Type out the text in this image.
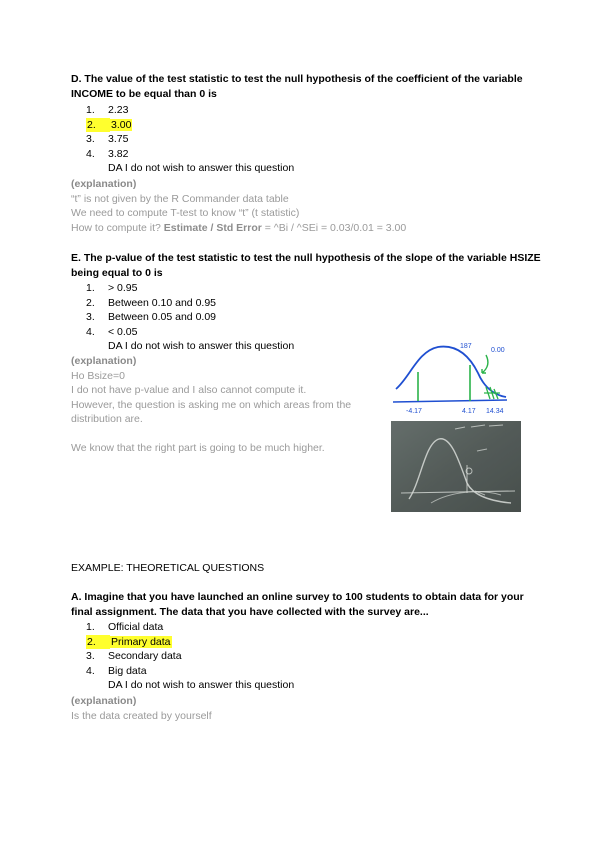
D. The value of the test statistic to test the null hypothesis of the coefficient of the variable INCOME to be equal than 0 is
1. 2.23
2. 3.00
3. 3.75
4. 3.82
DA I do not wish to answer this question
(explanation)
“t” is not given by the R Commander data table
We need to compute T-test to know “t” (t statistic)
How to compute it? Estimate / Std Error = ^Bi / ^SEi = 0.03/0.01 = 3.00
E. The p-value of the test statistic to test the null hypothesis of the slope of the variable HSIZE being equal to 0 is
1. > 0.95
2. Between 0.10 and 0.95
3. Between 0.05 and 0.09
4. < 0.05
DA I do not wish to answer this question
(explanation)
Ho Bsize=0
I do not have p-value and I also cannot compute it.
However, the question is asking me on which areas from the distribution are.
We know that the right part is going to be much higher.
187
0.00
-4.17	4.17 14.34
EXAMPLE: THEORETICAL QUESTIONS
A. Imagine that you have launched an online survey to 100 students to obtain data for your final assignment. The data that you have collected with the survey are...
1. Official data
2. Primary data
3. Secondary data
4. Big data
DA I do not wish to answer this question
(explanation)
Is the data created by yourself
